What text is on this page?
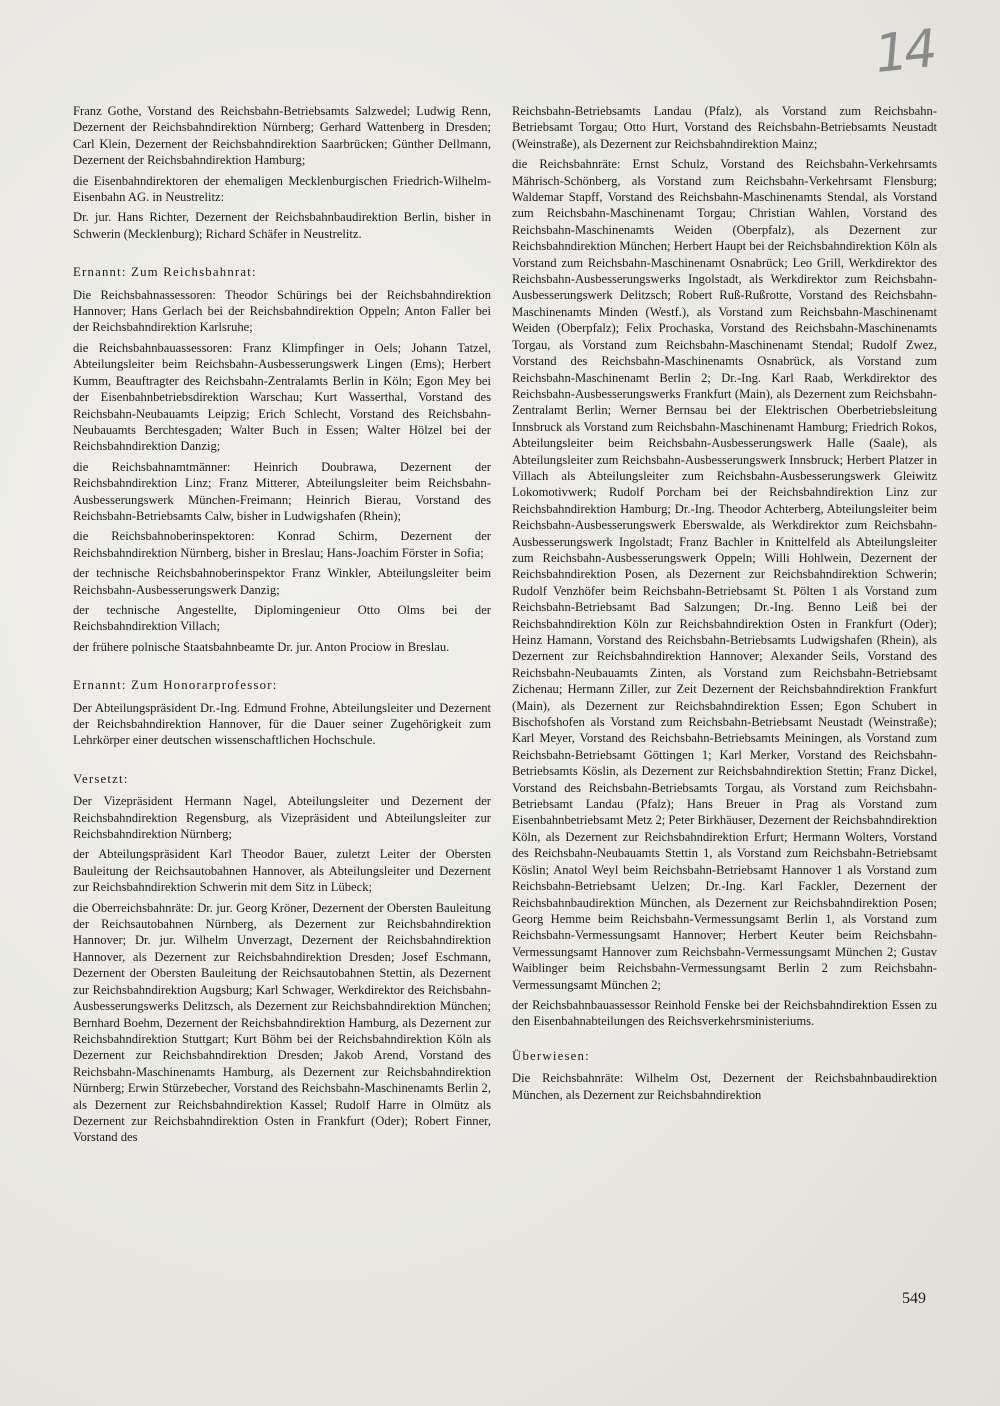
14

Franz Gothe, Vorstand des Reichsbahn-Betriebsamts Salzwedel; Ludwig Renn, Dezernent der Reichsbahndirektion Nürnberg; Gerhard Wattenberg in Dresden; Carl Klein, Dezernent der Reichsbahndirektion Saarbrücken; Günther Dellmann, Dezernent der Reichsbahndirektion Hamburg;

die Eisenbahndirektoren der ehemaligen Mecklenburgischen Friedrich-Wilhelm-Eisenbahn AG. in Neustrelitz:

Dr. jur. Hans Richter, Dezernent der Reichsbahnbaudirektion Berlin, bisher in Schwerin (Mecklenburg); Richard Schäfer in Neustrelitz.

Ernannt: Zum Reichsbahnrat:

Die Reichsbahnassessoren: Theodor Schürings bei der Reichsbahndirektion Hannover; Hans Gerlach bei der Reichsbahndirektion Oppeln; Anton Faller bei der Reichsbahndirektion Karlsruhe;

die Reichsbahnbauassessoren: Franz Klimpfinger in Oels; Johann Tatzel, Abteilungsleiter beim Reichsbahn-Ausbesserungswerk Lingen (Ems); Herbert Kumm, Beauftragter des Reichsbahn-Zentralamts Berlin in Köln; Egon Mey bei der Eisenbahnbetriebsdirektion Warschau; Kurt Wasserthal, Vorstand des Reichsbahn-Neubauamts Leipzig; Erich Schlecht, Vorstand des Reichsbahn-Neubauamts Berchtesgaden; Walter Buch in Essen; Walter Hölzel bei der Reichsbahndirektion Danzig;

die Reichsbahnamtmänner: Heinrich Doubrawa, Dezernent der Reichsbahndirektion Linz; Franz Mitterer, Abteilungsleiter beim Reichsbahn-Ausbesserungswerk München-Freimann; Heinrich Bierau, Vorstand des Reichsbahn-Betriebsamts Calw, bisher in Ludwigshafen (Rhein);

die Reichsbahnoberinspektoren: Konrad Schirm, Dezernent der Reichsbahndirektion Nürnberg, bisher in Breslau; Hans-Joachim Förster in Sofia;

der technische Reichsbahnoberinspektor Franz Winkler, Abteilungsleiter beim Reichsbahn-Ausbesserungswerk Danzig;

der technische Angestellte, Diplomingenieur Otto Olms bei der Reichsbahndirektion Villach;

der frühere polnische Staatsbahnbeamte Dr. jur. Anton Prociow in Breslau.

Ernannt: Zum Honorarprofessor:

Der Abteilungspräsident Dr.-Ing. Edmund Frohne, Abteilungsleiter und Dezernent der Reichsbahndirektion Hannover, für die Dauer seiner Zugehörigkeit zum Lehrkörper einer deutschen wissenschaftlichen Hochschule.

Versetzt:

Der Vizepräsident Hermann Nagel, Abteilungsleiter und Dezernent der Reichsbahndirektion Regensburg, als Vizepräsident und Abteilungsleiter zur Reichsbahndirektion Nürnberg;

der Abteilungspräsident Karl Theodor Bauer, zuletzt Leiter der Obersten Bauleitung der Reichsautobahnen Hannover, als Abteilungsleiter und Dezernent zur Reichsbahndirektion Schwerin mit dem Sitz in Lübeck;

die Oberreichsbahnräte: Dr. jur. Georg Kröner, Dezernent der Obersten Bauleitung der Reichsautobahnen Nürnberg, als Dezernent zur Reichsbahndirektion Hannover; Dr. jur. Wilhelm Unverzagt, Dezernent der Reichsbahndirektion Hannover, als Dezernent zur Reichsbahndirektion Dresden; Josef Eschmann, Dezernent der Obersten Bauleitung der Reichsautobahnen Stettin, als Dezernent zur Reichsbahndirektion Augsburg; Karl Schwager, Werkdirektor des Reichsbahn-Ausbesserungswerks Delitzsch, als Dezernent zur Reichsbahndirektion München; Bernhard Boehm, Dezernent der Reichsbahndirektion Hamburg, als Dezernent zur Reichsbahndirektion Stuttgart; Kurt Böhm bei der Reichsbahndirektion Köln als Dezernent zur Reichsbahndirektion Dresden; Jakob Arend, Vorstand des Reichsbahn-Maschinenamts Hamburg, als Dezernent zur Reichsbahndirektion Nürnberg; Erwin Stürzebecher, Vorstand des Reichsbahn-Maschinenamts Berlin 2, als Dezernent zur Reichsbahndirektion Kassel; Rudolf Harre in Olmütz als Dezernent zur Reichsbahndirektion Osten in Frankfurt (Oder); Robert Finner, Vorstand des

Reichsbahn-Betriebsamts Landau (Pfalz), als Vorstand zum Reichsbahn-Betriebsamt Torgau; Otto Hurt, Vorstand des Reichsbahn-Betriebsamts Neustadt (Weinstraße), als Dezernent zur Reichsbahndirektion Mainz;

die Reichsbahnräte: Ernst Schulz, Vorstand des Reichsbahn-Verkehrsamts Mährisch-Schönberg, als Vorstand zum Reichsbahn-Verkehrsamt Flensburg; Waldemar Stapff, Vorstand des Reichsbahn-Maschinenamts Stendal, als Vorstand zum Reichsbahn-Maschinenamt Torgau; Christian Wahlen, Vorstand des Reichsbahn-Maschinenamts Weiden (Oberpfalz), als Dezernent zur Reichsbahndirektion München; Herbert Haupt bei der Reichsbahndirektion Köln als Vorstand zum Reichsbahn-Maschinenamt Osnabrück; Leo Grill, Werkdirektor des Reichsbahn-Ausbesserungswerks Ingolstadt, als Werkdirektor zum Reichsbahn-Ausbesserungswerk Delitzsch; Robert Ruß-Rußrotte, Vorstand des Reichsbahn-Maschinenamts Minden (Westf.), als Vorstand zum Reichsbahn-Maschinenamt Weiden (Oberpfalz); Felix Prochaska, Vorstand des Reichsbahn-Maschinenamts Torgau, als Vorstand zum Reichsbahn-Maschinenamt Stendal; Rudolf Zwez, Vorstand des Reichsbahn-Maschinenamts Osnabrück, als Vorstand zum Reichsbahn-Maschinenamt Berlin 2; Dr.-Ing. Karl Raab, Werkdirektor des Reichsbahn-Ausbesserungswerks Frankfurt (Main), als Dezernent zum Reichsbahn-Zentralamt Berlin; Werner Bernsau bei der Elektrischen Oberbetriebsleitung Innsbruck als Vorstand zum Reichsbahn-Maschinenamt Hamburg; Friedrich Rokos, Abteilungsleiter beim Reichsbahn-Ausbesserungswerk Halle (Saale), als Abteilungsleiter zum Reichsbahn-Ausbesserungswerk Innsbruck; Herbert Platzer in Villach als Abteilungsleiter zum Reichsbahn-Ausbesserungswerk Gleiwitz Lokomotivwerk; Rudolf Porcham bei der Reichsbahndirektion Linz zur Reichsbahndirektion Hamburg; Dr.-Ing. Theodor Achterberg, Abteilungsleiter beim Reichsbahn-Ausbesserungswerk Eberswalde, als Werkdirektor zum Reichsbahn-Ausbesserungswerk Ingolstadt; Franz Bachler in Knittelfeld als Abteilungsleiter zum Reichsbahn-Ausbesserungswerk Oppeln; Willi Hohlwein, Dezernent der Reichsbahndirektion Posen, als Dezernent zur Reichsbahndirektion Schwerin; Rudolf Venzhöfer beim Reichsbahn-Betriebsamt St. Pölten 1 als Vorstand zum Reichsbahn-Betriebsamt Bad Salzungen; Dr.-Ing. Benno Leiß bei der Reichsbahndirektion Köln zur Reichsbahndirektion Osten in Frankfurt (Oder); Heinz Hamann, Vorstand des Reichsbahn-Betriebsamts Ludwigshafen (Rhein), als Dezernent zur Reichsbahndirektion Hannover; Alexander Seils, Vorstand des Reichsbahn-Neubauamts Zinten, als Vorstand zum Reichsbahn-Betriebsamt Zichenau; Hermann Ziller, zur Zeit Dezernent der Reichsbahndirektion Frankfurt (Main), als Dezernent zur Reichsbahndirektion Essen; Egon Schubert in Bischofshofen als Vorstand zum Reichsbahn-Betriebsamt Neustadt (Weinstraße); Karl Meyer, Vorstand des Reichsbahn-Betriebsamts Meiningen, als Vorstand zum Reichsbahn-Betriebsamt Göttingen 1; Karl Merker, Vorstand des Reichsbahn-Betriebsamts Köslin, als Dezernent zur Reichsbahndirektion Stettin; Franz Dickel, Vorstand des Reichsbahn-Betriebsamts Torgau, als Vorstand zum Reichsbahn-Betriebsamt Landau (Pfalz); Hans Breuer in Prag als Vorstand zum Eisenbahnbetriebsamt Metz 2; Peter Birkhäuser, Dezernent der Reichsbahndirektion Köln, als Dezernent zur Reichsbahndirektion Erfurt; Hermann Wolters, Vorstand des Reichsbahn-Neubauamts Stettin 1, als Vorstand zum Reichsbahn-Betriebsamt Köslin; Anatol Weyl beim Reichsbahn-Betriebsamt Hannover 1 als Vorstand zum Reichsbahn-Betriebsamt Uelzen; Dr.-Ing. Karl Fackler, Dezernent der Reichsbahnbaudirektion München, als Dezernent zur Reichsbahndirektion Posen; Georg Hemme beim Reichsbahn-Vermessungsamt Berlin 1, als Vorstand zum Reichsbahn-Vermessungsamt Hannover; Herbert Keuter beim Reichsbahn-Vermessungsamt Hannover zum Reichsbahn-Vermessungsamt München 2; Gustav Waiblinger beim Reichsbahn-Vermessungsamt Berlin 2 zum Reichsbahn-Vermessungsamt München 2;

der Reichsbahnbauassessor Reinhold Fenske bei der Reichsbahndirektion Essen zu den Eisenbahnabteilungen des Reichsverkehrsministeriums.

Überwiesen:

Die Reichsbahnräte: Wilhelm Ost, Dezernent der Reichsbahnbaudirektion München, als Dezernent zur Reichsbahndirektion

549
